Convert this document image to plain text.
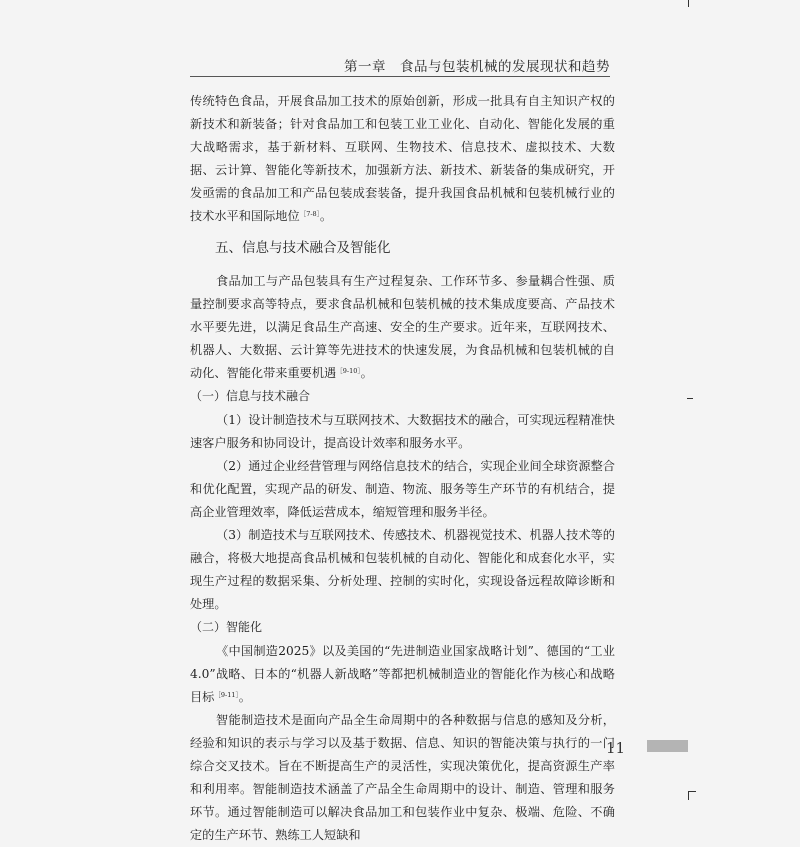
第一章　食品与包装机械的发展现状和趋势

传统特色食品，开展食品加工技术的原始创新，形成一批具有自主知识产权的新技术和新装备；针对食品加工和包装工业工业化、自动化、智能化发展的重大战略需求，基于新材料、互联网、生物技术、信息技术、虚拟技术、大数据、云计算、智能化等新技术，加强新方法、新技术、新装备的集成研究，开发亟需的食品加工和产品包装成套装备，提升我国食品机械和包装机械行业的技术水平和国际地位$^{[7-8]}$。

五、信息与技术融合及智能化

食品加工与产品包装具有生产过程复杂、工作环节多、参量耦合性强、质量控制要求高等特点，要求食品机械和包装机械的技术集成度要高、产品技术水平要先进，以满足食品生产高速、安全的生产要求。近年来，互联网技术、机器人、大数据、云计算等先进技术的快速发展，为食品机械和包装机械的自动化、智能化带来重要机遇$^{[9-10]}$。

（一）信息与技术融合

（1）设计制造技术与互联网技术、大数据技术的融合，可实现远程精准快速客户服务和协同设计，提高设计效率和服务水平。

（2）通过企业经营管理与网络信息技术的结合，实现企业间全球资源整合和优化配置，实现产品的研发、制造、物流、服务等生产环节的有机结合，提高企业管理效率，降低运营成本，缩短管理和服务半径。

（3）制造技术与互联网技术、传感技术、机器视觉技术、机器人技术等的融合，将极大地提高食品机械和包装机械的自动化、智能化和成套化水平，实现生产过程的数据采集、分析处理、控制的实时化，实现设备远程故障诊断和处理。

（二）智能化

《中国制造2025》以及美国的“先进制造业国家战略计划”、德国的“工业4.0”战略、日本的“机器人新战略”等都把机械制造业的智能化作为核心和战略目标$^{[9-11]}$。

智能制造技术是面向产品全生命周期中的各种数据与信息的感知及分析，经验和知识的表示与学习以及基于数据、信息、知识的智能决策与执行的一门综合交叉技术。旨在不断提高生产的灵活性，实现决策优化，提高资源生产率和利用率。智能制造技术涵盖了产品全生命周期中的设计、制造、管理和服务环节。通过智能制造可以解决食品加工和包装作业中复杂、极端、危险、不确定的生产环节、熟练工人短缺和

11
